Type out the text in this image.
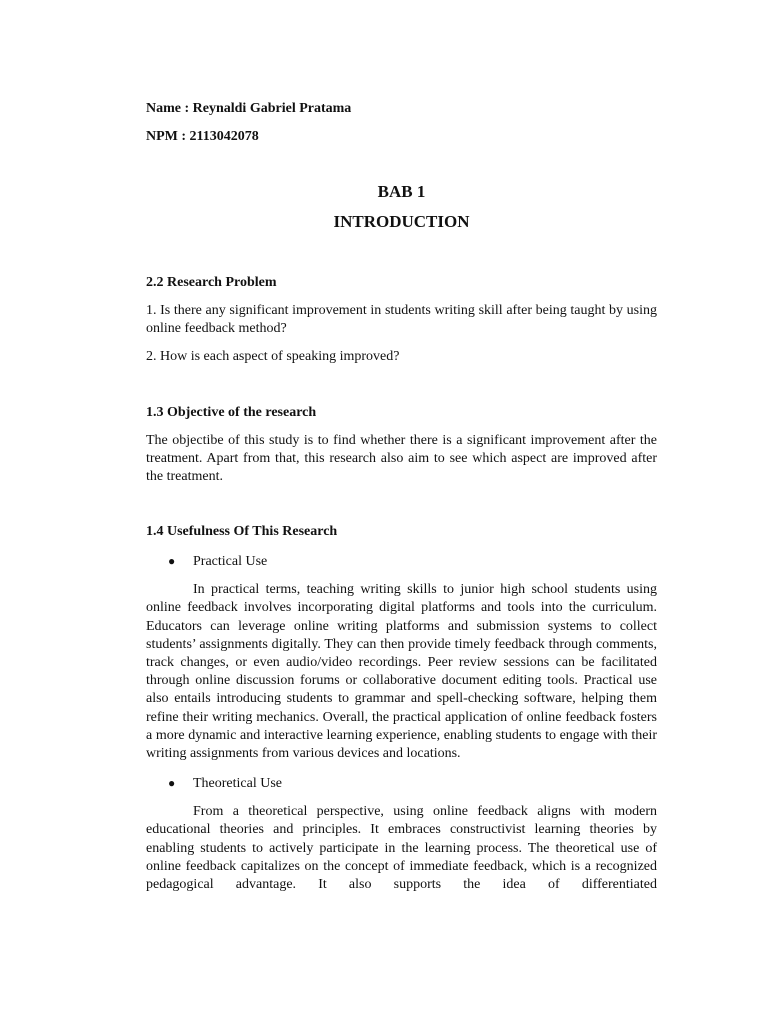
Name : Reynaldi Gabriel Pratama

NPM : 2113042078

BAB 1

INTRODUCTION

2.2 Research Problem

1. Is there any significant improvement in students writing skill after being taught by using online feedback method?

2. How is each aspect of speaking improved?

1.3 Objective of the research

The objectibe of this study is to find whether there is a significant improvement after the treatment. Apart from that, this research also aim to see which aspect are improved after the treatment.

1.4 Usefulness Of This Research

●	Practical Use

In practical terms, teaching writing skills to junior high school students using online feedback involves incorporating digital platforms and tools into the curriculum. Educators can leverage online writing platforms and submission systems to collect students’ assignments digitally. They can then provide timely feedback through comments, track changes, or even audio/video recordings. Peer review sessions can be facilitated through online discussion forums or collaborative document editing tools. Practical use also entails introducing students to grammar and spell-checking software, helping them refine their writing mechanics. Overall, the practical application of online feedback fosters a more dynamic and interactive learning experience, enabling students to engage with their writing assignments from various devices and locations.

●	Theoretical Use

From a theoretical perspective, using online feedback aligns with modern educational theories and principles. It embraces constructivist learning theories by enabling students to actively participate in the learning process. The theoretical use of online feedback capitalizes on the concept of immediate feedback, which is a recognized pedagogical advantage. It also supports the idea of differentiated
